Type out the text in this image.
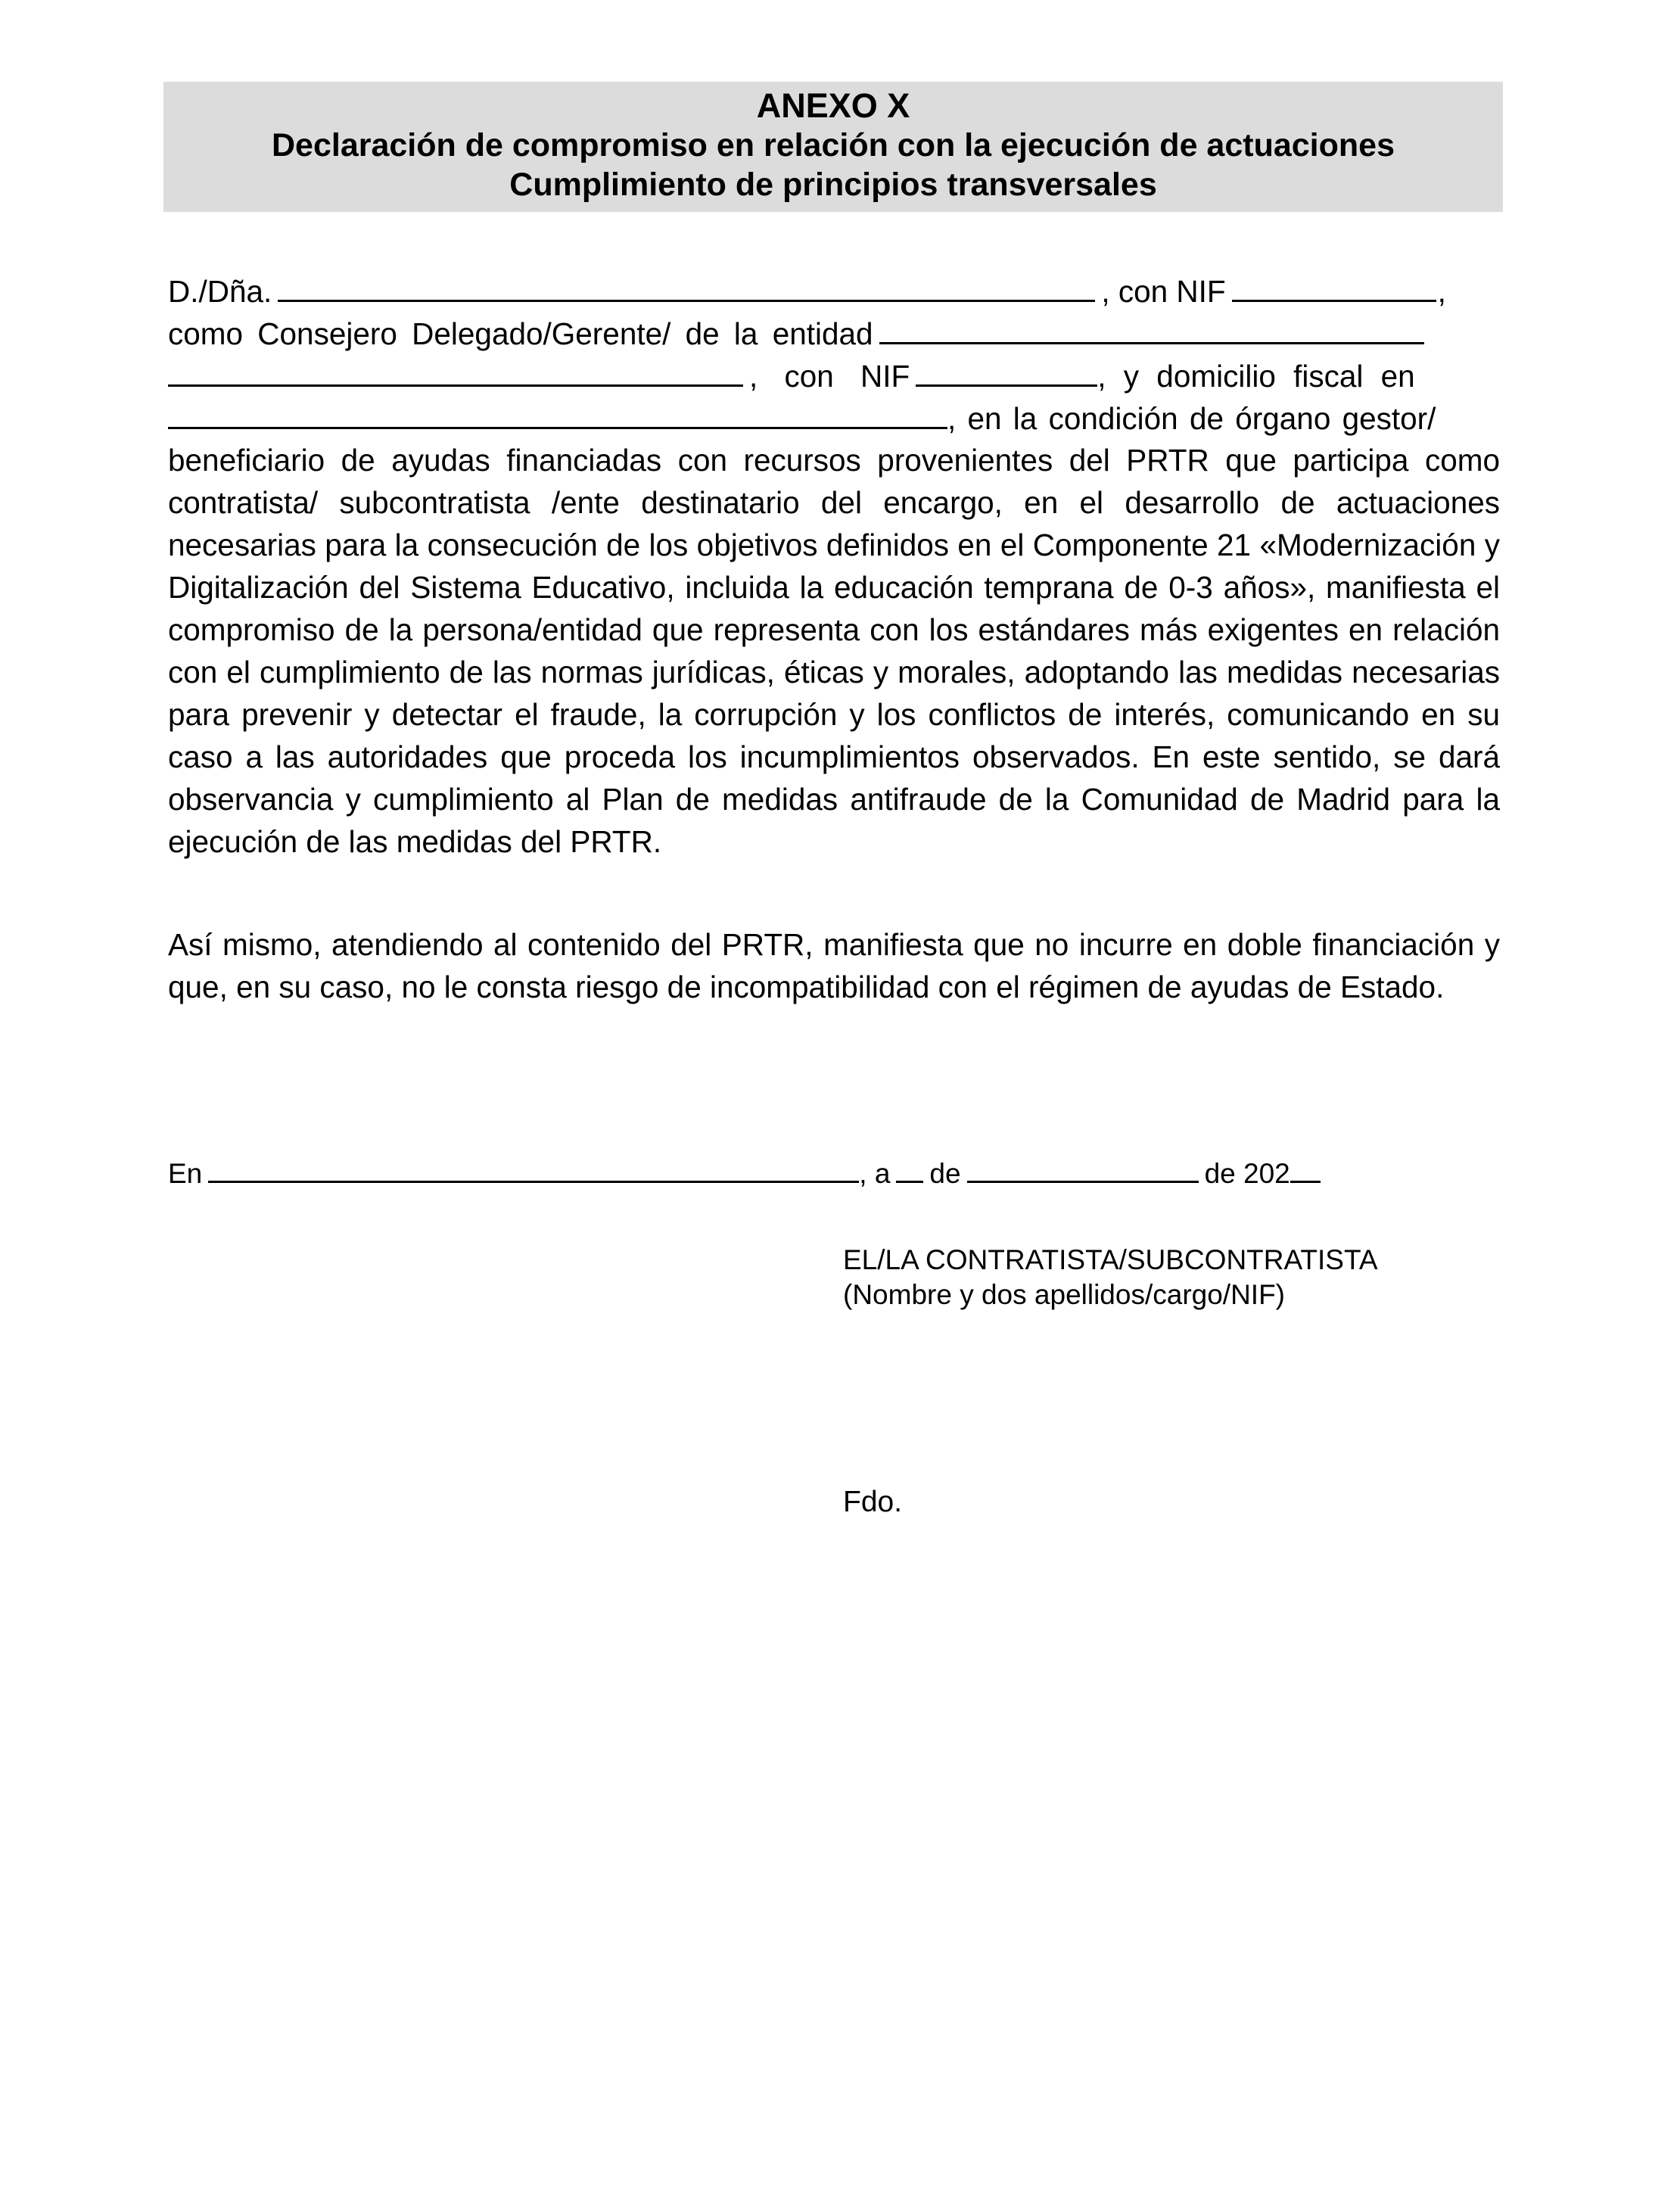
ANEXO X
Declaración de compromiso en relación con la ejecución de actuaciones
Cumplimiento de principios transversales
D./Dña.	, con NIF	,
como Consejero Delegado/Gerente/ de la entidad
, con NIF	, y domicilio fiscal en
, en la condición de órgano gestor/
beneficiario de ayudas financiadas con recursos provenientes del PRTR que participa como contratista/ subcontratista /ente destinatario del encargo, en el desarrollo de actuaciones necesarias para la consecución de los objetivos definidos en el Componente 21 «Modernización y Digitalización del Sistema Educativo, incluida la educación temprana de 0-3 años», manifiesta el compromiso de la persona/entidad que representa con los estándares más exigentes en relación con el cumplimiento de las normas jurídicas, éticas y morales, adoptando las medidas necesarias para prevenir y detectar el fraude, la corrupción y los conflictos de interés, comunicando en su caso a las autoridades que proceda los incumplimientos observados. En este sentido, se dará observancia y cumplimiento al Plan de medidas antifraude de la Comunidad de Madrid para la ejecución de las medidas del PRTR.
Así mismo, atendiendo al contenido del PRTR, manifiesta que no incurre en doble financiación y que, en su caso, no le consta riesgo de incompatibilidad con el régimen de ayudas de Estado.
En	, a de	de 202
EL/LA CONTRATISTA/SUBCONTRATISTA
(Nombre y dos apellidos/cargo/NIF)
Fdo.
